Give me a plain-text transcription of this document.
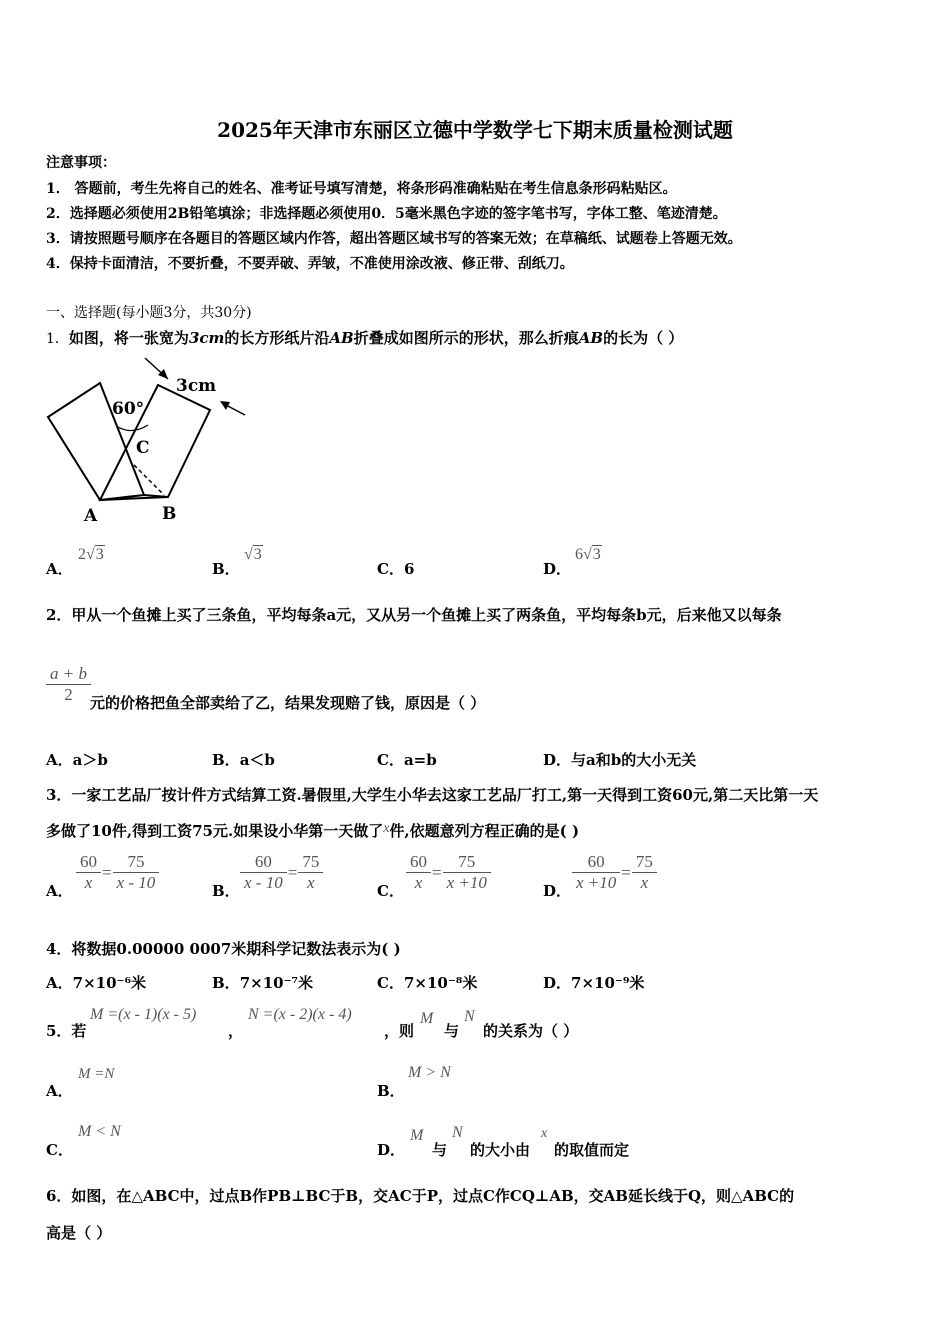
2025年天津市东丽区立德中学数学七下期末质量检测试题
注意事项：
1． 答题前，考生先将自己的姓名、准考证号填写清楚，将条形码准确粘贴在考生信息条形码粘贴区。
2．选择题必须使用2B铅笔填涂；非选择题必须使用0．5毫米黑色字迹的签字笔书写，字体工整、笔迹清楚。
3．请按照题号顺序在各题目的答题区域内作答，超出答题区域书写的答案无效；在草稿纸、试题卷上答题无效。
4．保持卡面清洁，不要折叠，不要弄破、弄皱，不准使用涂改液、修正带、刮纸刀。
一、选择题(每小题3分，共30分)
1．如图，将一张宽为3cm的长方形纸片沿AB折叠成如图所示的形状，那么折痕AB的长为（ ）
3cm
60°
C
A	B
A．
2√3
B．
√3
C．6	D．
6√3
2．甲从一个鱼摊上买了三条鱼，平均每条a元，又从另一个鱼摊上买了两条鱼，平均每条b元，后来他又以每条
$\frac{a + b}{2}$ 元的价格把鱼全部卖给了乙，结果发现赔了钱，原因是（ ）
A．a＞b	B．a＜b	C．a=b	D．与a和b的大小无关
3．一家工艺品厂按计件方式结算工资.暑假里,大学生小华去这家工艺品厂打工,第一天得到工资60元,第二天比第一天
多做了10件,得到工资75元.如果设小华第一天做了x件,依题意列方程正确的是( )
A． $\frac{60}{x} = \frac{75}{x - 10}$	B． $\frac{60}{x - 10} = \frac{75}{x}$	C． $\frac{60}{x} = \frac{75}{x +10}$	D． $\frac{60}{x +10} = \frac{75}{x}$
4．将数据0.00000 0007米期科学记数法表示为( )
A．7×10⁻⁶米	B．7×10⁻⁷米	C．7×10⁻⁸米	D．7×10⁻⁹米
5．若
M =(x - 1)(x - 5)
，
N =(x - 2)(x - 4)
，则
M
与
N
的关系为（ ）
A．
M =N
B．
M > N
C．
M < N
D．
M
与
N
的大小由
x
的取值而定
6．如图，在△ABC中，过点B作PB⊥BC于B，交AC于P，过点C作CQ⊥AB，交AB延长线于Q，则△ABC的
高是（ ）
